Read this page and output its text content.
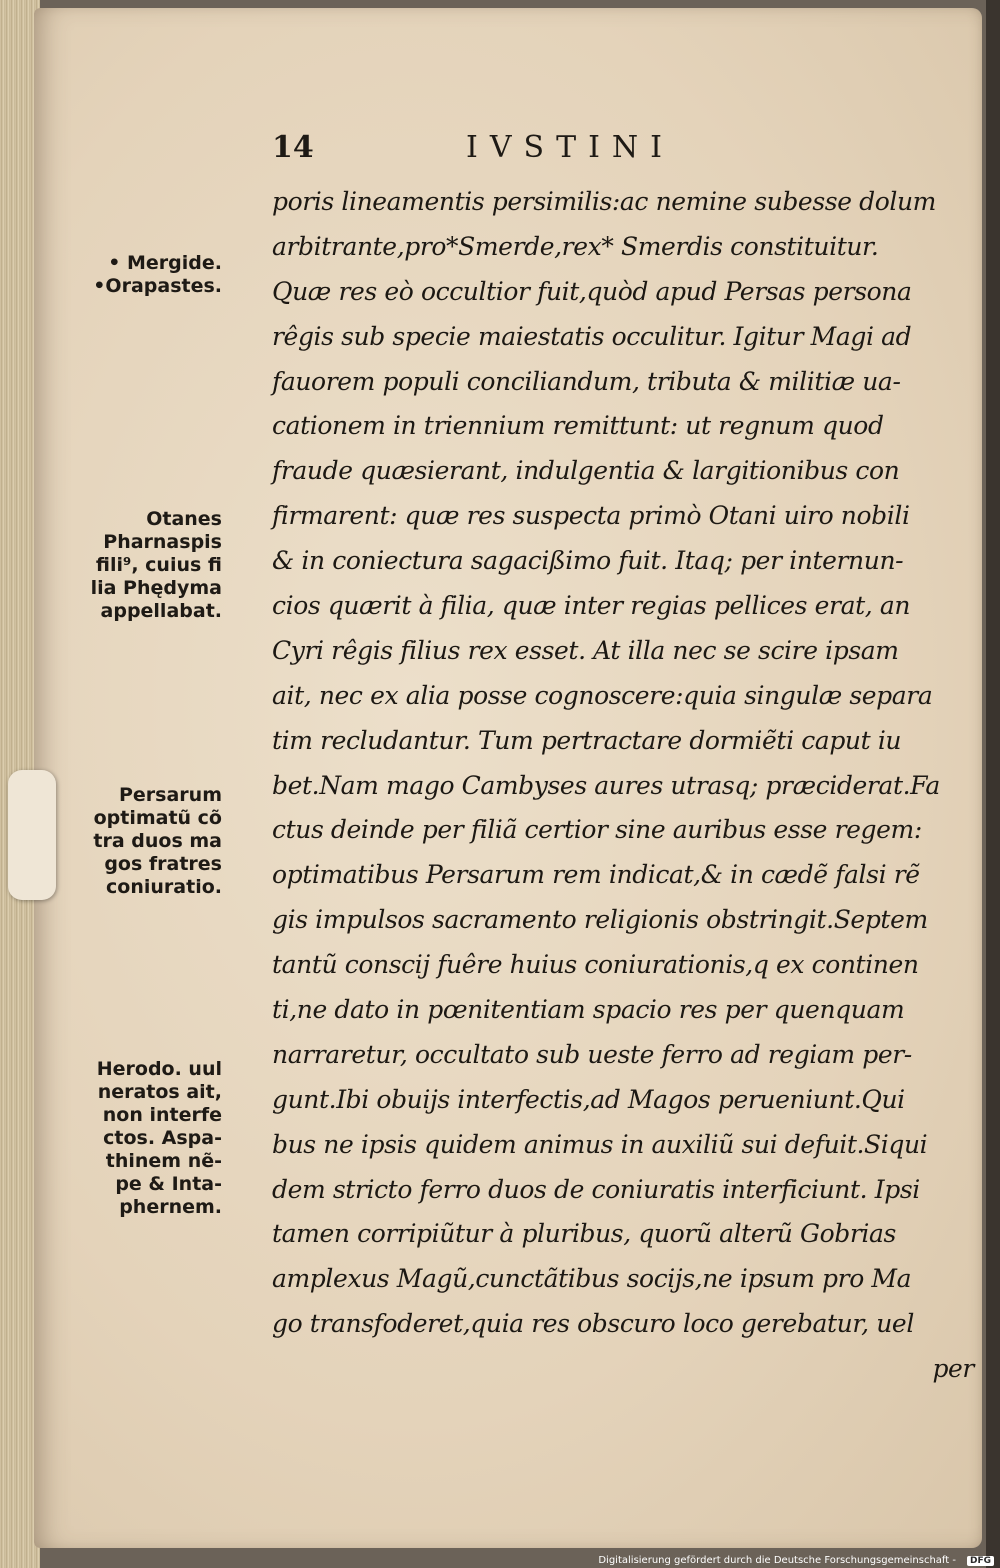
14	IVSTINI
poris lineamentis persimilis:ac nemine subesse dolum
arbitrante,pro*Smerde,rex* Smerdis constituitur.
Quæ res eò occultior fuit,quòd apud Persas persona
rêgis sub specie maiestatis occulitur. Igitur Magi ad
fauorem populi conciliandum, tributa & militiæ ua-
cationem in triennium remittunt: ut regnum quod
fraude quæsierant, indulgentia & largitionibus con
firmarent: quæ res suspecta primò Otani uiro nobili
& in coniectura sagacißimo fuit. Itaq; per internun-
cios quærit à filia, quæ inter regias pellices erat, an
Cyri rêgis filius rex esset. At illa nec se scire ipsam
ait, nec ex alia posse cognoscere:quia singulæ separa
tim recludantur. Tum pertractare dormiẽti caput iu
bet.Nam mago Cambyses aures utrasq; præciderat.Fa
ctus deinde per filiã certior sine auribus esse regem:
optimatibus Persarum rem indicat,& in cædẽ falsi rẽ
gis impulsos sacramento religionis obstringit.Septem
tantũ conscij fuêre huius coniurationis,q ex continen
ti,ne dato in pœnitentiam spacio res per quenquam
narraretur, occultato sub ueste ferro ad regiam per-
gunt.Ibi obuijs interfectis,ad Magos perueniunt.Qui
bus ne ipsis quidem animus in auxiliũ sui defuit.Siqui
dem stricto ferro duos de coniuratis interficiunt. Ipsi
tamen corripiũtur à pluribus, quorũ alterũ Gobrias
amplexus Magũ,cunctãtibus socijs,ne ipsum pro Ma
go transfoderet,quia res obscuro loco gerebatur, uel
per
• Mergide.
•Orapastes.
Otanes
Pharnaspis
fili⁹, cuius fi
lia Phędyma
appellabat.
Persarum
optimatũ cõ
tra duos ma
gos fratres
coniuratio.
Herodo. uul
neratos ait,
non interfe
ctos. Aspa-
thinem nẽ-
pe & Inta-
phernem.
Digitalisierung gefördert durch die Deutsche Forschungsgemeinschaft -	DFG
